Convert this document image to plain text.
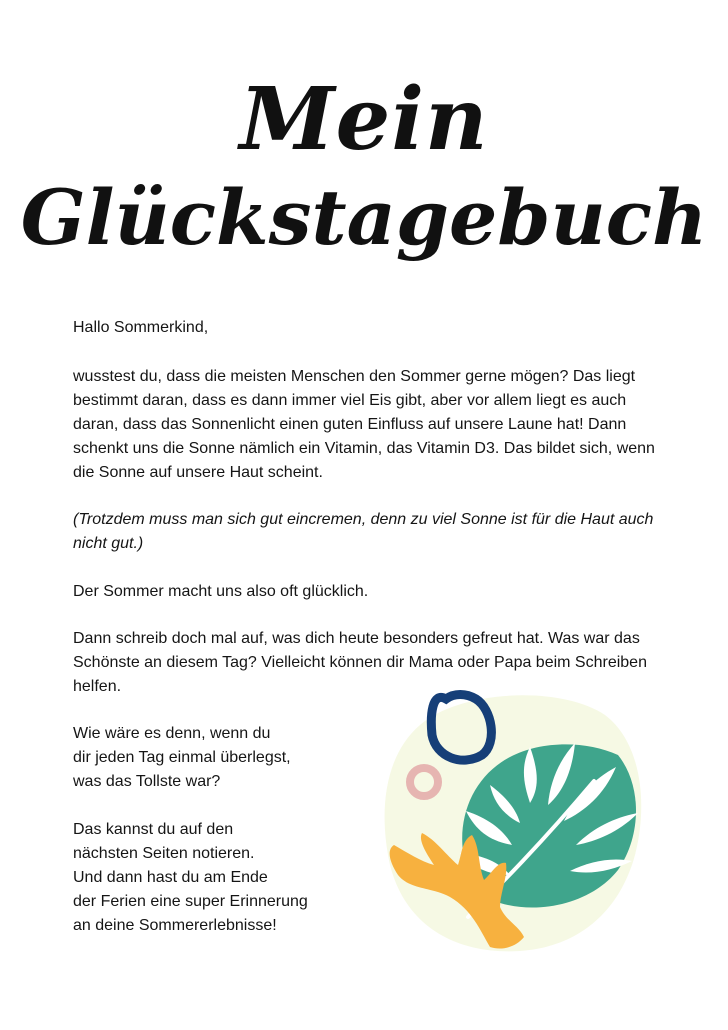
Mein
Glückstagebuch

Hallo Sommerkind,

wusstest du, dass die meisten Menschen den Sommer gerne mögen? Das liegt bestimmt daran, dass es dann immer viel Eis gibt, aber vor allem liegt es auch daran, dass das Sonnenlicht einen guten Einfluss auf unsere Laune hat! Dann schenkt uns die Sonne nämlich ein Vitamin, das Vitamin D3. Das bildet sich, wenn die Sonne auf unsere Haut scheint.

(Trotzdem muss man sich gut eincremen, denn zu viel Sonne ist für die Haut auch nicht gut.)

Der Sommer macht uns also oft glücklich.

Dann schreib doch mal auf, was dich heute besonders gefreut hat. Was war das Schönste an diesem Tag? Vielleicht können dir Mama oder Papa beim Schreiben helfen.

Wie wäre es denn, wenn du
dir jeden Tag einmal überlegst,
was das Tollste war?

Das kannst du auf den
nächsten Seiten notieren.
Und dann hast du am Ende
der Ferien eine super Erinnerung
an deine Sommererlebnisse!
